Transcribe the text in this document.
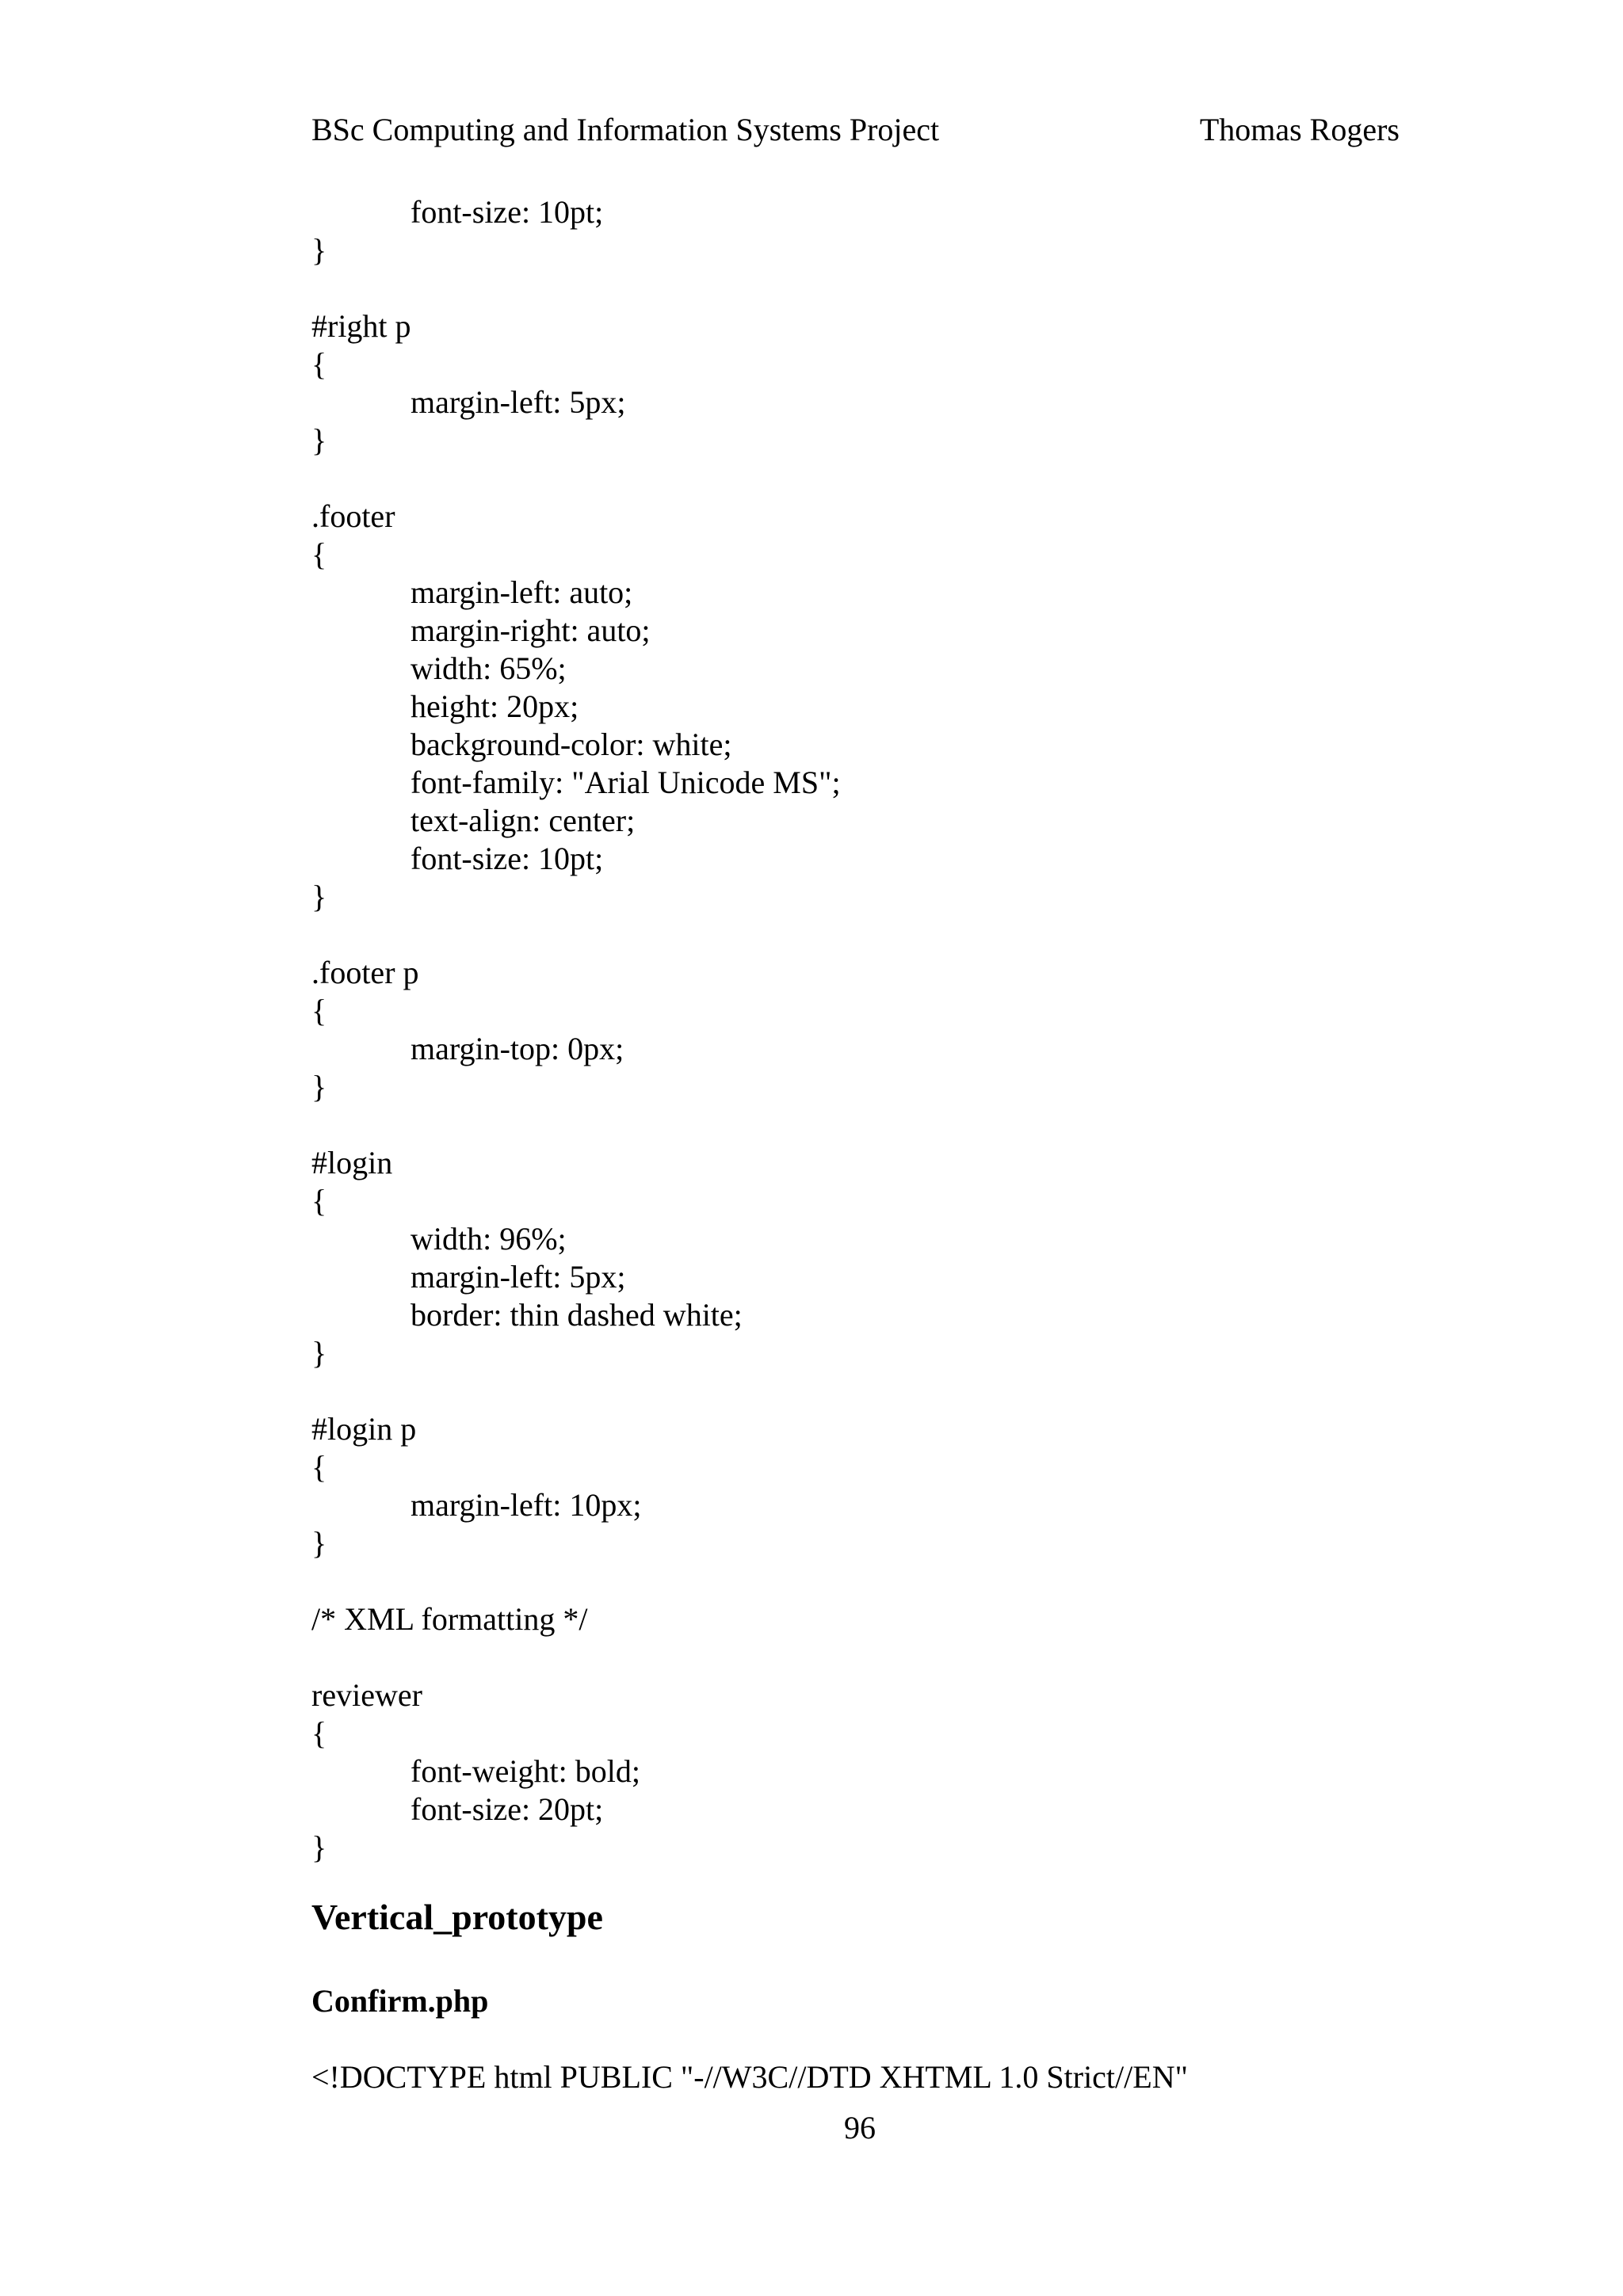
BSc Computing and Information Systems Project	Thomas Rogers
font-size: 10pt;
}
#right p
{
margin-left: 5px;
}
.footer
{
margin-left: auto;
margin-right: auto;
width: 65%;
height: 20px;
background-color: white;
font-family: "Arial Unicode MS";
text-align: center;
font-size: 10pt;
}
.footer p
{
margin-top: 0px;
}
#login
{
width: 96%;
margin-left: 5px;
border: thin dashed white;
}
#login p
{
margin-left: 10px;
}
/* XML formatting */
reviewer
{
font-weight: bold;
font-size: 20pt;
}
Vertical_prototype
Confirm.php
<!DOCTYPE html PUBLIC "-//W3C//DTD XHTML 1.0 Strict//EN"
96
